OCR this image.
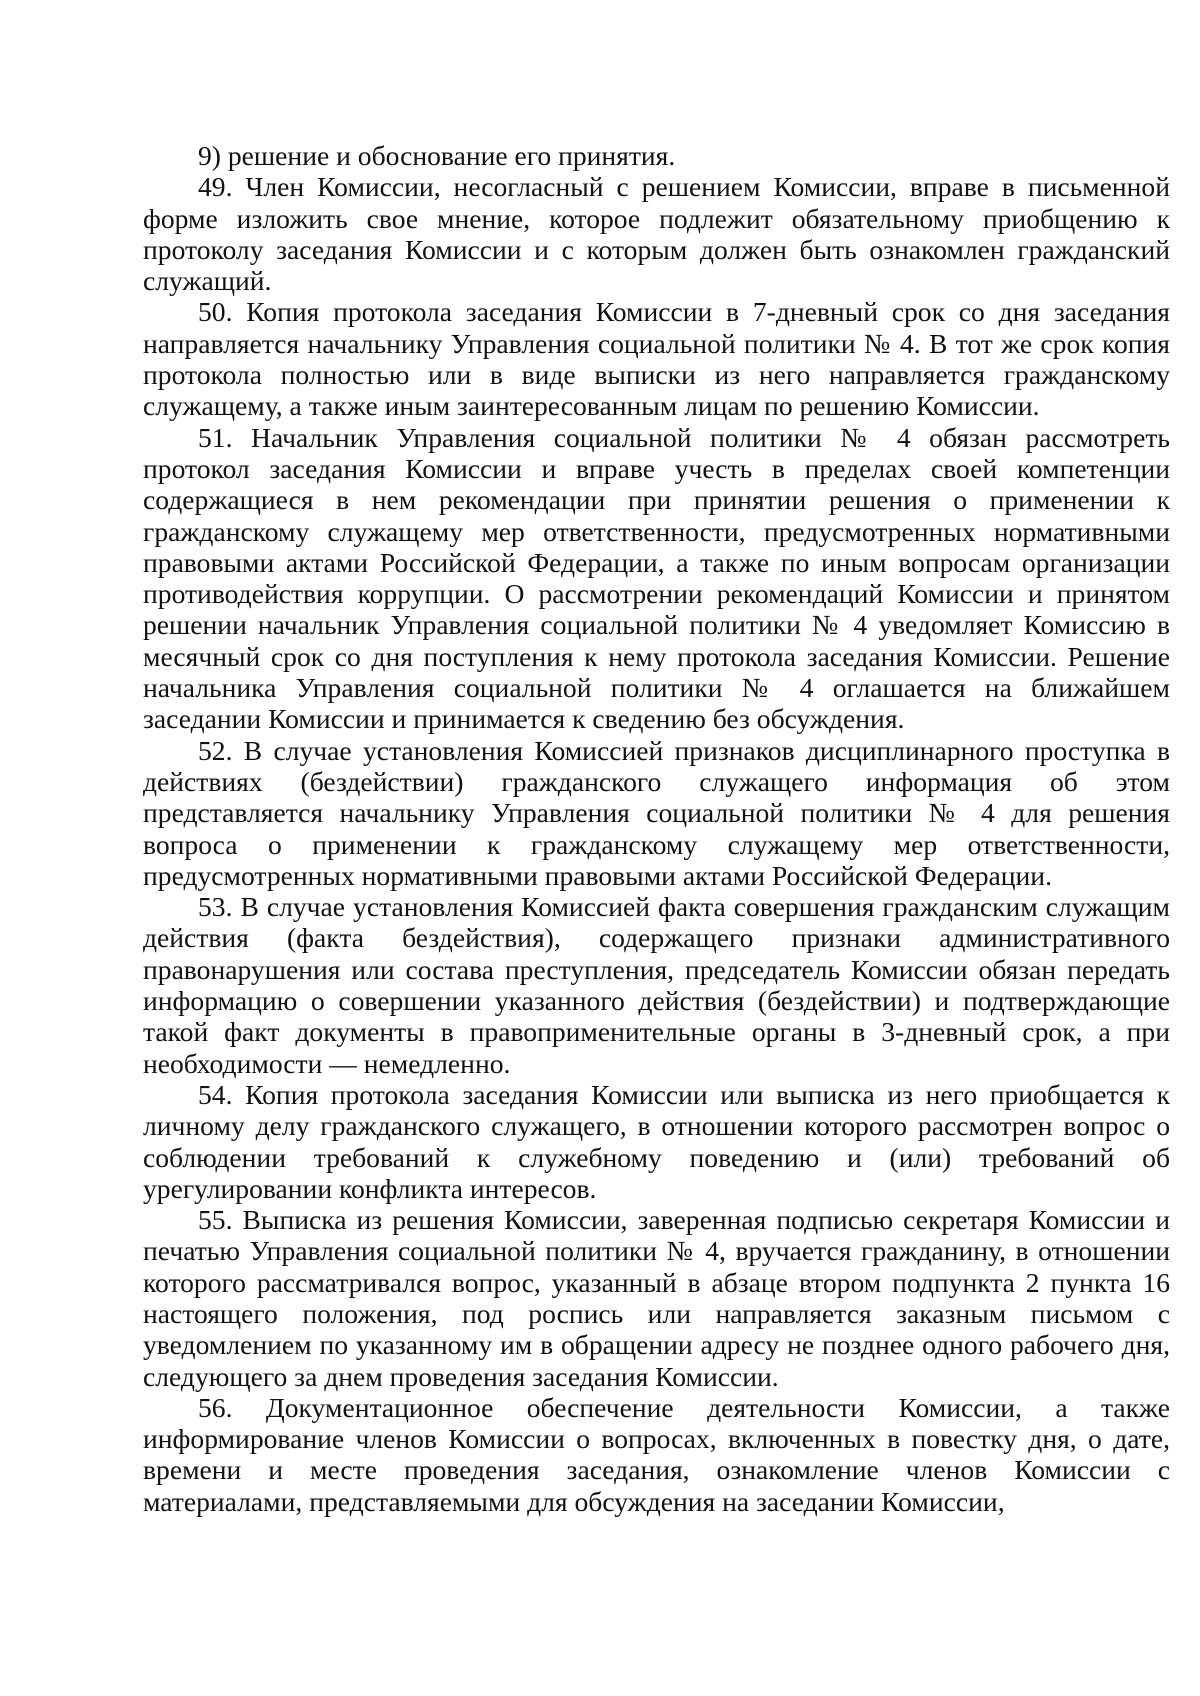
9) решение и обоснование его принятия.

49. Член Комиссии, несогласный с решением Комиссии, вправе в письменной форме изложить свое мнение, которое подлежит обязательному приобщению к протоколу заседания Комиссии и с которым должен быть ознакомлен гражданский служащий.

50. Копия протокола заседания Комиссии в 7-дневный срок со дня заседания направляется начальнику Управления социальной политики № 4. В тот же срок копия протокола полностью или в виде выписки из него направляется гражданскому служащему, а также иным заинтересованным лицам по решению Комиссии.

51. Начальник Управления социальной политики № 4 обязан рассмотреть протокол заседания Комиссии и вправе учесть в пределах своей компетенции содержащиеся в нем рекомендации при принятии решения о применении к гражданскому служащему мер ответственности, предусмотренных нормативными правовыми актами Российской Федерации, а также по иным вопросам организации противодействия коррупции. О рассмотрении рекомендаций Комиссии и принятом решении начальник Управления социальной политики № 4 уведомляет Комиссию в месячный срок со дня поступления к нему протокола заседания Комиссии. Решение начальника Управления социальной политики № 4 оглашается на ближайшем заседании Комиссии и принимается к сведению без обсуждения.

52. В случае установления Комиссией признаков дисциплинарного проступка в действиях (бездействии) гражданского служащего информация об этом представляется начальнику Управления социальной политики № 4 для решения вопроса о применении к гражданскому служащему мер ответственности, предусмотренных нормативными правовыми актами Российской Федерации.

53. В случае установления Комиссией факта совершения гражданским служащим действия (факта бездействия), содержащего признаки административного правонарушения или состава преступления, председатель Комиссии обязан передать информацию о совершении указанного действия (бездействии) и подтверждающие такой факт документы в правоприменительные органы в 3-дневный срок, а при необходимости — немедленно.

54. Копия протокола заседания Комиссии или выписка из него приобщается к личному делу гражданского служащего, в отношении которого рассмотрен вопрос о соблюдении требований к служебному поведению и (или) требований об урегулировании конфликта интересов.

55. Выписка из решения Комиссии, заверенная подписью секретаря Комиссии и печатью Управления социальной политики № 4, вручается гражданину, в отношении которого рассматривался вопрос, указанный в абзаце втором подпункта 2 пункта 16 настоящего положения, под роспись или направляется заказным письмом с уведомлением по указанному им в обращении адресу не позднее одного рабочего дня, следующего за днем проведения заседания Комиссии.

56. Документационное обеспечение деятельности Комиссии, а также информирование членов Комиссии о вопросах, включенных в повестку дня, о дате, времени и месте проведения заседания, ознакомление членов Комиссии с материалами, представляемыми для обсуждения на заседании Комиссии,
